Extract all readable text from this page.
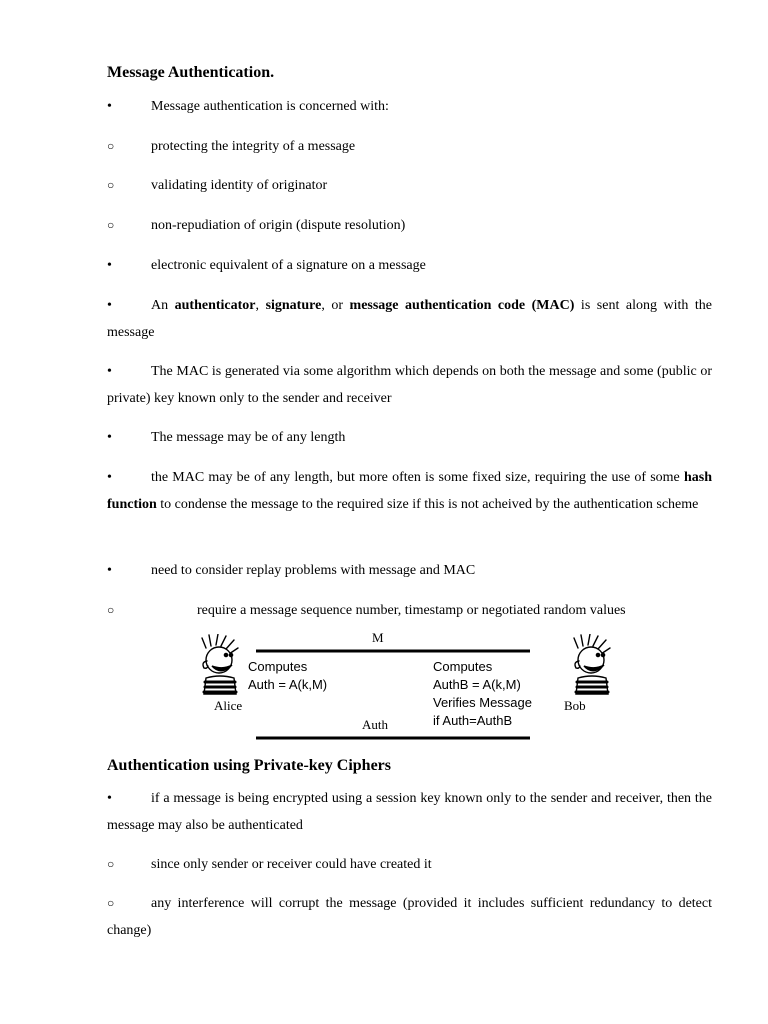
Message Authentication.
•	Message authentication is concerned with:
○	protecting the integrity of a message
○	validating identity of originator
○	non-repudiation of origin (dispute resolution)
•	electronic equivalent of a signature on a message
•	An authenticator, signature, or message authentication code (MAC) is sent along with the message
•	The MAC is generated via some algorithm which depends on both the message and some (public or private) key known only to the sender and receiver
•	The message may be of any length
•	the MAC may be of any length, but more often is some fixed size, requiring the use of some hash function to condense the message to the required size if this is not acheived by the authentication scheme
•	need to consider replay problems with message and MAC
○	require a message sequence number, timestamp or negotiated random values
Alice	Bob
M
Auth
Computes
Auth = A(k,M)
Computes
AuthB = A(k,M)
Verifies Message
if Auth=AuthB
Authentication using Private-key Ciphers
•	if a message is being encrypted using a session key known only to the sender and receiver, then the message may also be authenticated
○	since only sender or receiver could have created it
○	any interference will corrupt the message (provided it includes sufficient redundancy to detect change)
